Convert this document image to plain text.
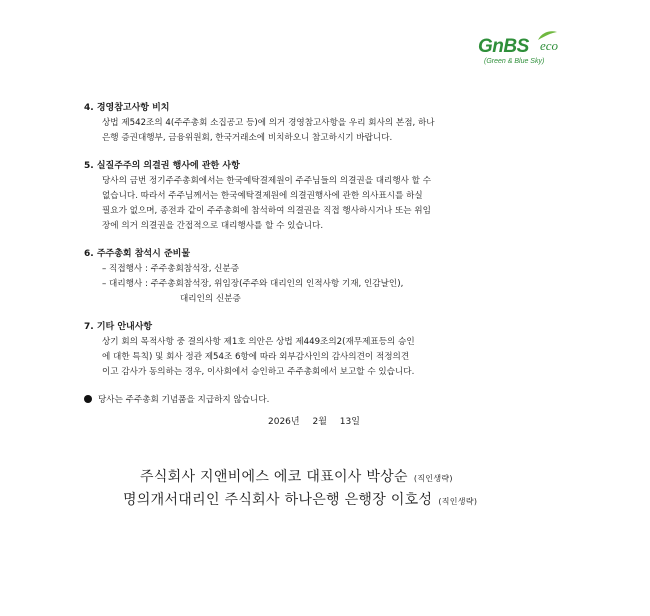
GnBS eco
(Green & Blue Sky)
4. 경영참고사항 비치
상법 제542조의 4(주주총회 소집공고 등)에 의거 경영참고사항을 우리 회사의 본점, 하나
은행 증권대행부, 금융위원회, 한국거래소에 비치하오니 참고하시기 바랍니다.
5. 실질주주의 의결권 행사에 관한 사항
당사의 금번 정기주주총회에서는 한국예탁결제원이 주주님들의 의결권을 대리행사 할 수
없습니다. 따라서 주주님께서는 한국예탁결제원에 의결권행사에 관한 의사표시를 하실
필요가 없으며, 종전과 같이 주주총회에 참석하여 의결권을 직접 행사하시거나 또는 위임
장에 의거 의결권을 간접적으로 대리행사를 할 수 있습니다.
6. 주주총회 참석시 준비물
– 직접행사 : 주주총회참석장, 신분증
– 대리행사 : 주주총회참석장, 위임장(주주와 대리인의 인적사항 기재, 인감날인),
대리인의 신분증
7. 기타 안내사항
상기 회의 목적사항 중 결의사항 제1호 의안은 상법 제449조의2(재무제표등의 승인
에 대한 특칙) 및 회사 정관 제54조 6항에 따라 외부감사인의 감사의견이 적정의견
이고 감사가 동의하는 경우, 이사회에서 승인하고 주주총회에서 보고할 수 있습니다.
당사는 주주총회 기념품을 지급하지 않습니다.
2026년 2월 13일
주식회사 지앤비에스 에코 대표이사 박상순 (직인생략)
명의개서대리인 주식회사 하나은행 은행장 이호성 (직인생략)
